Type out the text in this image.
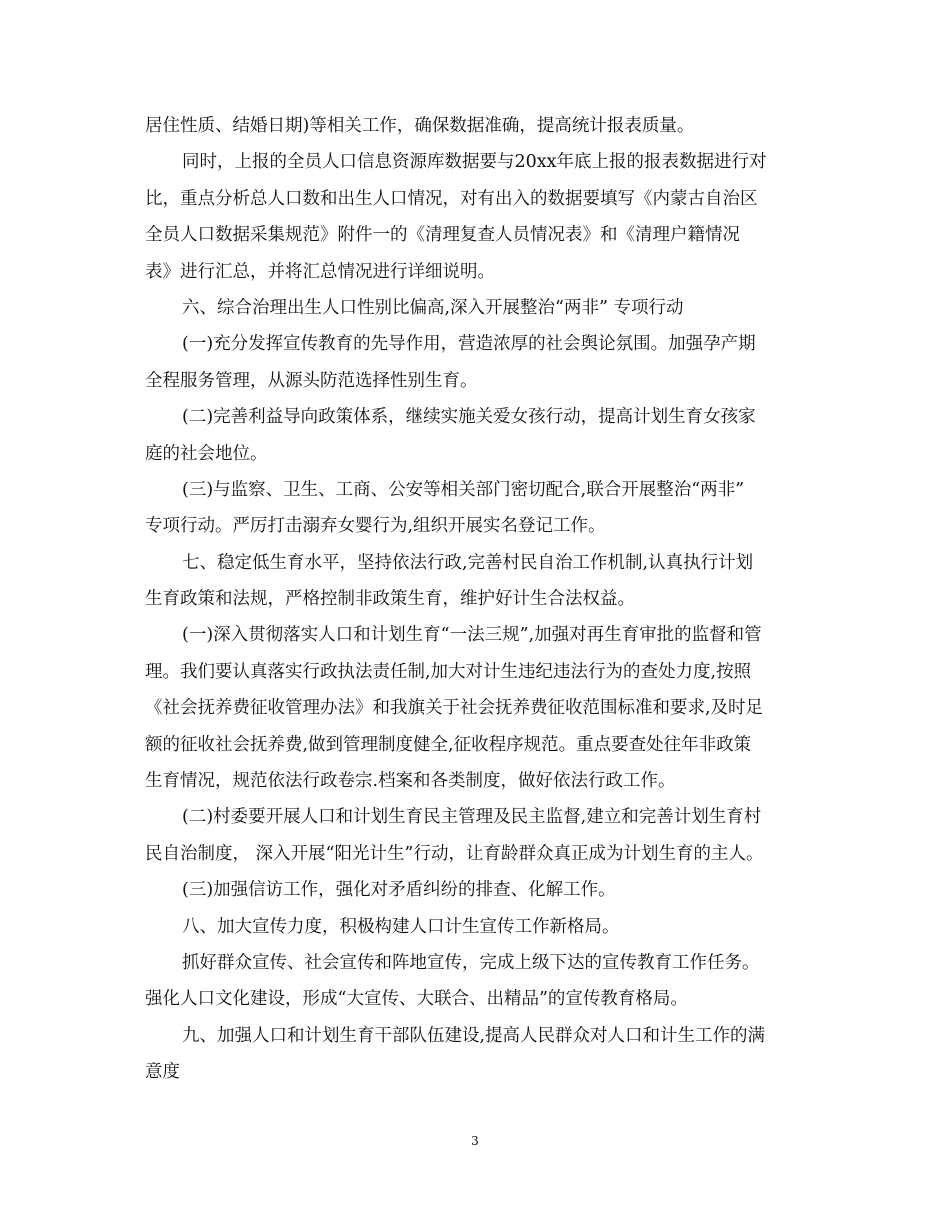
居住性质、结婚日期)等相关工作，确保数据准确，提高统计报表质量。
同时，上报的全员人口信息资源库数据要与20xx年底上报的报表数据进行对
比，重点分析总人口数和出生人口情况，对有出入的数据要填写《内蒙古自治区
全员人口数据采集规范》附件一的《清理复查人员情况表》和《清理户籍情况
表》进行汇总，并将汇总情况进行详细说明。
六、综合治理出生人口性别比偏高,深入开展整治“两非” 专项行动
(一)充分发挥宣传教育的先导作用，营造浓厚的社会舆论氛围。加强孕产期
全程服务管理，从源头防范选择性别生育。
(二)完善利益导向政策体系，继续实施关爱女孩行动，提高计划生育女孩家
庭的社会地位。
(三)与监察、卫生、工商、公安等相关部门密切配合,联合开展整治“两非”
专项行动。严厉打击溺弃女婴行为,组织开展实名登记工作。
七、稳定低生育水平，坚持依法行政,完善村民自治工作机制,认真执行计划
生育政策和法规，严格控制非政策生育，维护好计生合法权益。
(一)深入贯彻落实人口和计划生育“一法三规”,加强对再生育审批的监督和管
理。我们要认真落实行政执法责任制,加大对计生违纪违法行为的查处力度,按照
《社会抚养费征收管理办法》和我旗关于社会抚养费征收范围标准和要求,及时足
额的征收社会抚养费,做到管理制度健全,征收程序规范。重点要查处往年非政策
生育情况，规范依法行政卷宗.档案和各类制度，做好依法行政工作。
(二)村委要开展人口和计划生育民主管理及民主监督,建立和完善计划生育村
民自治制度， 深入开展“阳光计生”行动，让育龄群众真正成为计划生育的主人。
(三)加强信访工作，强化对矛盾纠纷的排查、化解工作。
八、加大宣传力度，积极构建人口计生宣传工作新格局。
抓好群众宣传、社会宣传和阵地宣传，完成上级下达的宣传教育工作任务。
强化人口文化建设，形成“大宣传、大联合、出精品”的宣传教育格局。
九、加强人口和计划生育干部队伍建设,提高人民群众对人口和计生工作的满
意度
3
